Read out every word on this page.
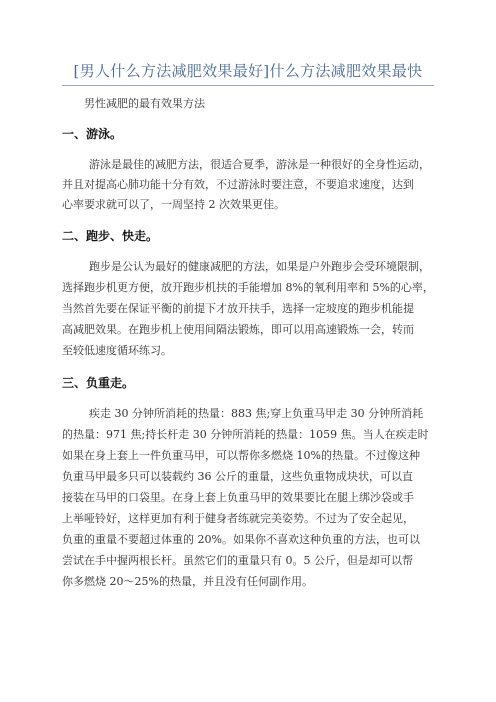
[男人什么方法减肥效果最好]什么方法减肥效果最快
男性减肥的最有效果方法
一、游泳。
游泳是最佳的减肥方法，很适合夏季，游泳是一种很好的全身性运动，
并且对提高心肺功能十分有效，不过游泳时要注意，不要追求速度，达到
心率要求就可以了，一周坚持 2 次效果更佳。
二、跑步、快走。
跑步是公认为最好的健康减肥的方法，如果是户外跑步会受环境限制，
选择跑步机更方便，放开跑步机扶的手能增加 8%的氧利用率和 5%的心率，
当然首先要在保证平衡的前提下才放开扶手，选择一定坡度的跑步机能提
高减肥效果。在跑步机上使用间隔法锻炼，即可以用高速锻炼一会，转而
至较低速度循环练习。
三、负重走。
疾走 30 分钟所消耗的热量：883 焦;穿上负重马甲走 30 分钟所消耗
的热量：971 焦;持长杆走 30 分钟所消耗的热量：1059 焦。当人在疾走时
如果在身上套上一件负重马甲，可以帮你多燃烧 10%的热量。不过像这种
负重马甲最多只可以装载约 36 公斤的重量，这些负重物成块状，可以直
接装在马甲的口袋里。在身上套上负重马甲的效果要比在腿上绑沙袋或手
上举哑铃好，这样更加有利于健身者练就完美姿势。不过为了安全起见，
负重的重量不要超过体重的 20%。如果你不喜欢这种负重的方法，也可以
尝试在手中握两根长杆。虽然它们的重量只有 0。5 公斤，但是却可以帮
你多燃烧 20～25%的热量，并且没有任何副作用。
